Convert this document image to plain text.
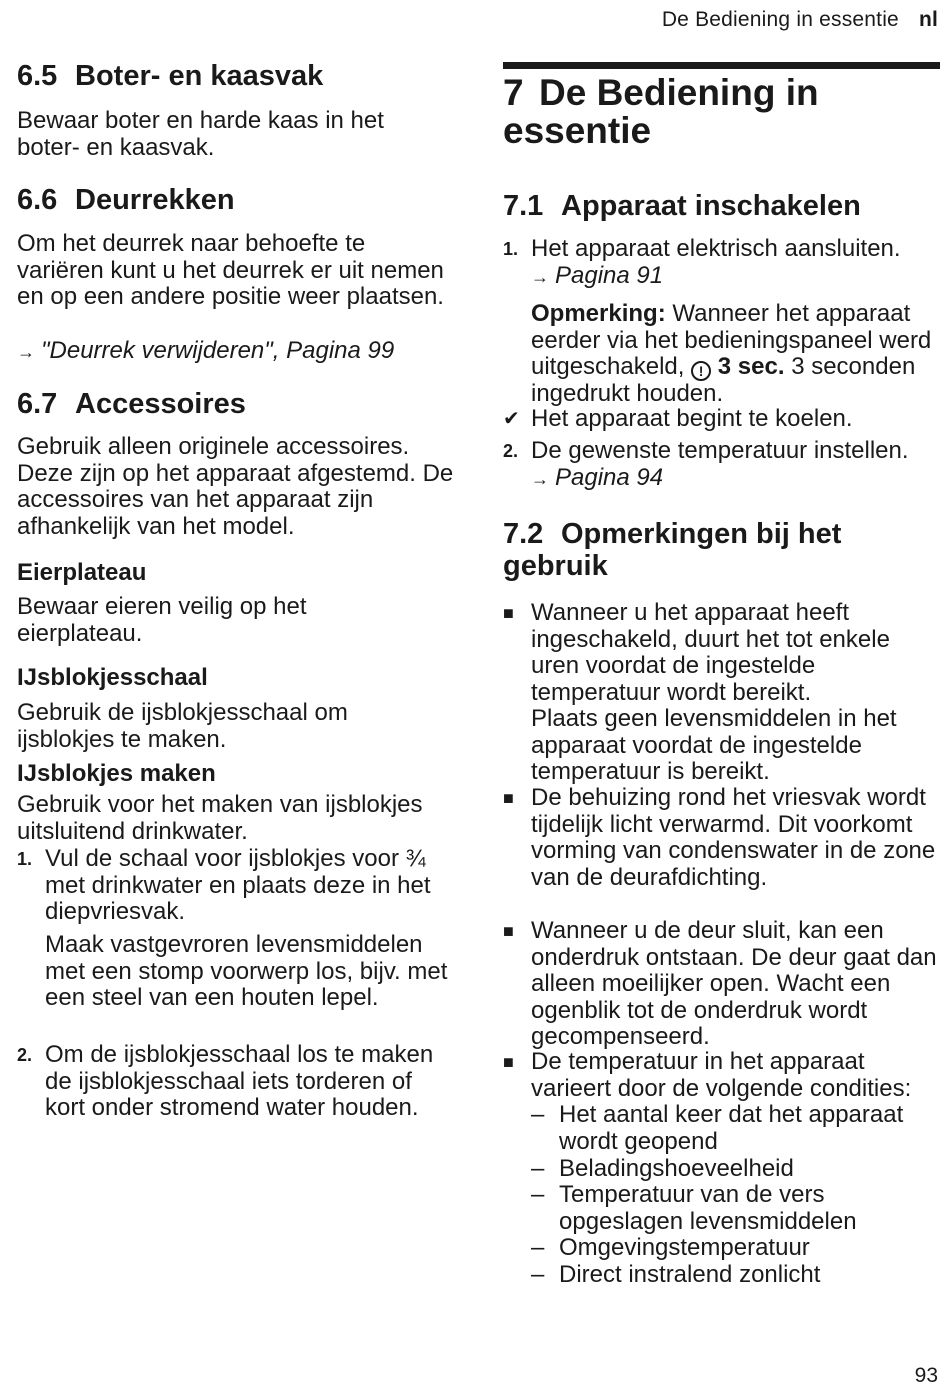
De Bediening in essentie nl
6.5 Boter- en kaasvak

Bewaar boter en harde kaas in het boter- en kaasvak.

6.6 Deurrekken

Om het deurrek naar behoefte te variëren kunt u het deurrek er uit nemen en op een andere positie weer plaatsen.

→ "Deurrek verwijderen", Pagina 99

6.7 Accessoires

Gebruik alleen originele accessoires. Deze zijn op het apparaat afgestemd. De accessoires van het apparaat zijn afhankelijk van het model.

Eierplateau

Bewaar eieren veilig op het eierplateau.

IJsblokjesschaal

Gebruik de ijsblokjesschaal om ijsblokjes te maken.

IJsblokjes maken

Gebruik voor het maken van ijsblokjes uitsluitend drinkwater.

1. Vul de schaal voor ijsblokjes voor ¾ met drinkwater en plaats deze in het diepvriesvak.

Maak vastgevroren levensmiddelen met een stomp voorwerp los, bijv. met een steel van een houten lepel.

2. Om de ijsblokjesschaal los te maken de ijsblokjesschaal iets torderen of kort onder stromend water houden.
7 De Bediening in essentie
7.1 Apparaat inschakelen
1. Het apparaat elektrisch aansluiten.
→ Pagina 91

Opmerking: Wanneer het apparaat eerder via het bedieningspaneel werd uitgeschakeld, ! 3 sec. 3 seconden ingedrukt houden.

✔ Het apparaat begint te koelen.
2. De gewenste temperatuur instellen.
→ Pagina 94
7.2 Opmerkingen bij het gebruik
■ Wanneer u het apparaat heeft ingeschakeld, duurt het tot enkele uren voordat de ingestelde temperatuur wordt bereikt.
Plaats geen levensmiddelen in het apparaat voordat de ingestelde temperatuur is bereikt.
■ De behuizing rond het vriesvak wordt tijdelijk licht verwarmd. Dit voorkomt vorming van condenswater in de zone van de deurafdichting.
■ Wanneer u de deur sluit, kan een onderdruk ontstaan. De deur gaat dan alleen moeilijker open. Wacht een ogenblik tot de onderdruk wordt gecompenseerd.
■ De temperatuur in het apparaat varieert door de volgende condities:
– Het aantal keer dat het apparaat wordt geopend
– Beladingshoeveelheid
– Temperatuur van de vers opgeslagen levensmiddelen
– Omgevingstemperatuur
– Direct instralend zonlicht
93
